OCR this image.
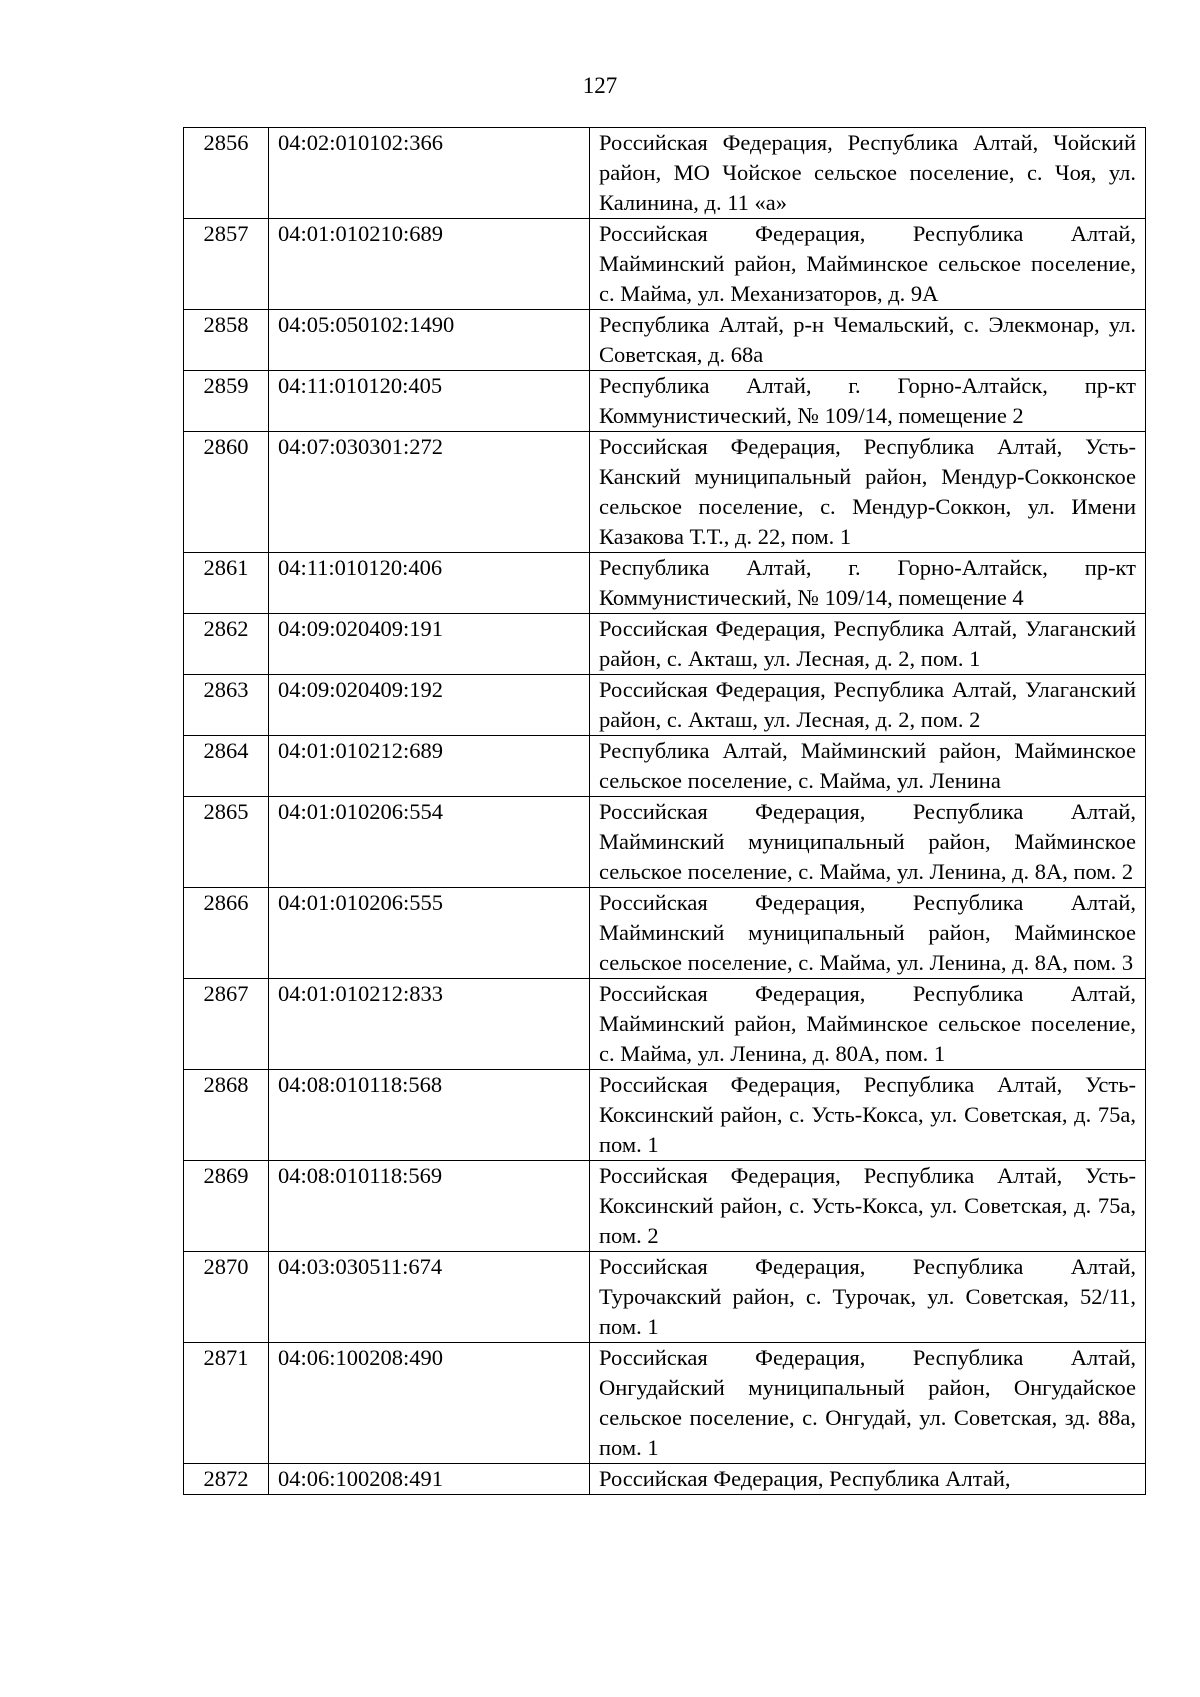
127
2856	04:02:010102:366	Российская Федерация, Республика Алтай, Чойский район, МО Чойское сельское поселение, с. Чоя, ул. Калинина, д. 11 «а»
2857	04:01:010210:689	Российская Федерация, Республика Алтай, Майминский район, Майминское сельское поселение, с. Майма, ул. Механизаторов, д. 9А
2858	04:05:050102:1490	Республика Алтай, р-н Чемальский, с. Элекмонар, ул. Советская, д. 68а
2859	04:11:010120:405	Республика Алтай, г. Горно-Алтайск, пр-кт Коммунистический, № 109/14, помещение 2
2860	04:07:030301:272	Российская Федерация, Республика Алтай, Усть-Канский муниципальный район, Мендур-Сокконское сельское поселение, с. Мендур-Соккон, ул. Имени Казакова Т.Т., д. 22, пом. 1
2861	04:11:010120:406	Республика Алтай, г. Горно-Алтайск, пр-кт Коммунистический, № 109/14, помещение 4
2862	04:09:020409:191	Российская Федерация, Республика Алтай, Улаганский район, с. Акташ, ул. Лесная, д. 2, пом. 1
2863	04:09:020409:192	Российская Федерация, Республика Алтай, Улаганский район, с. Акташ, ул. Лесная, д. 2, пом. 2
2864	04:01:010212:689	Республика Алтай, Майминский район, Майминское сельское поселение, с. Майма, ул. Ленина
2865	04:01:010206:554	Российская Федерация, Республика Алтай, Майминский муниципальный район, Майминское сельское поселение, с. Майма, ул. Ленина, д. 8А, пом. 2
2866	04:01:010206:555	Российская Федерация, Республика Алтай, Майминский муниципальный район, Майминское сельское поселение, с. Майма, ул. Ленина, д. 8А, пом. 3
2867	04:01:010212:833	Российская Федерация, Республика Алтай, Майминский район, Майминское сельское поселение, с. Майма, ул. Ленина, д. 80А, пом. 1
2868	04:08:010118:568	Российская Федерация, Республика Алтай, Усть-Коксинский район, с. Усть-Кокса, ул. Советская, д. 75а, пом. 1
2869	04:08:010118:569	Российская Федерация, Республика Алтай, Усть-Коксинский район, с. Усть-Кокса, ул. Советская, д. 75а, пом. 2
2870	04:03:030511:674	Российская Федерация, Республика Алтай, Турочакский район, с. Турочак, ул. Советская, 52/11, пом. 1
2871	04:06:100208:490	Российская Федерация, Республика Алтай, Онгудайский муниципальный район, Онгудайское сельское поселение, с. Онгудай, ул. Советская, зд. 88а, пом. 1
2872	04:06:100208:491	Российская Федерация, Республика Алтай,
